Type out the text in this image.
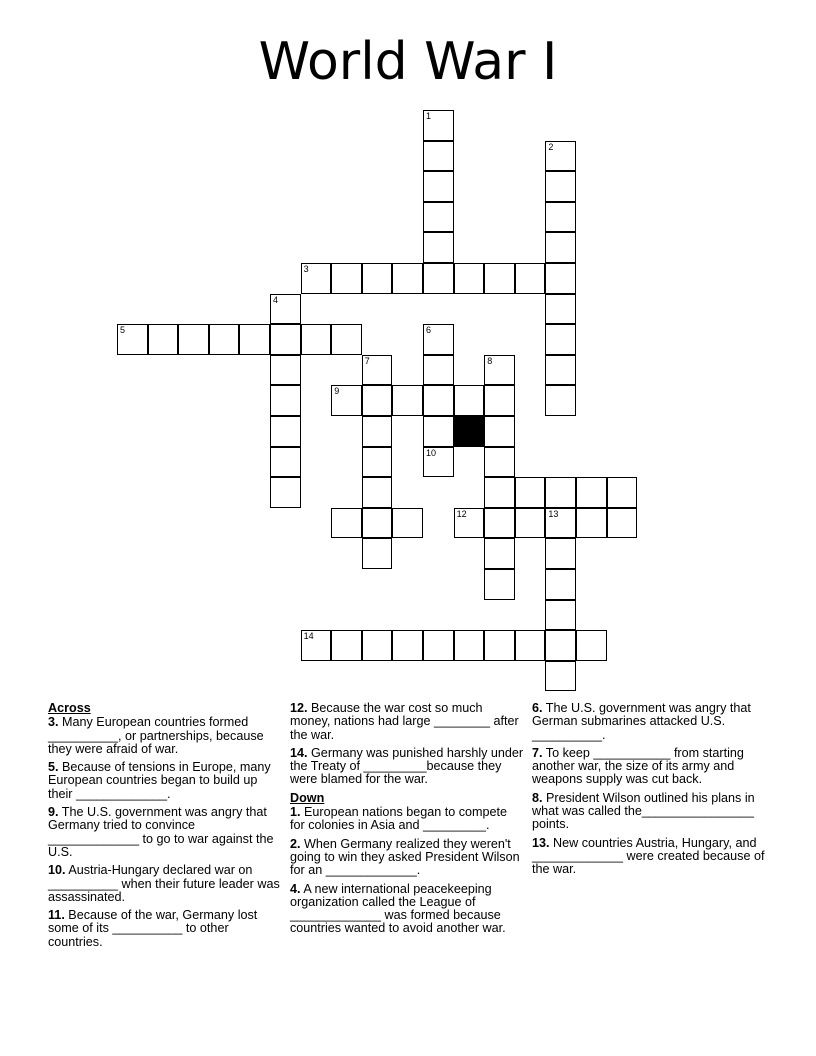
World War I
1
2
3
4
5	6
10
7
9
8
12	13
14
Across
3. Many European countries formed __________, or partnerships, because they were afraid of war.
5. Because of tensions in Europe, many European countries began to build up their _____________.
9. The U.S. government was angry that Germany tried to convince _____________ to go to war against the U.S.
10. Austria-Hungary declared war on __________ when their future leader was assassinated.
11. Because of the war, Germany lost some of its __________ to other countries.
12. Because the war cost so much money, nations had large ________ after the war.
14. Germany was punished harshly under the Treaty of _________because they were blamed for the war.
Down
1. European nations began to compete for colonies in Asia and _________.
2. When Germany realized they weren't going to win they asked President Wilson for an _____________.
4. A new international peacekeeping organization called the League of _____________ was formed because countries wanted to avoid another war.
6. The U.S. government was angry that German submarines attacked U.S. __________.
7. To keep ___________ from starting another war, the size of its army and weapons supply was cut back.
8. President Wilson outlined his plans in what was called the________________ points.
13. New countries Austria, Hungary, and _____________ were created because of the war.
